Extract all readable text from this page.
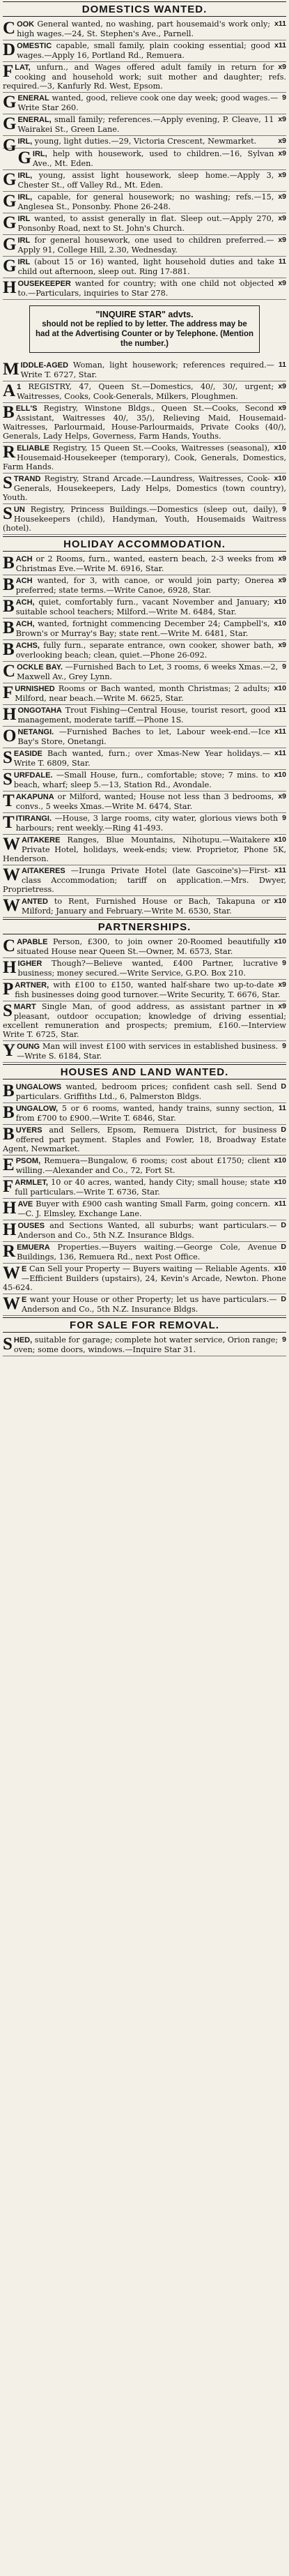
DOMESTICS WANTED.
C	x11
OOK General wanted, no washing, part housemaid's work only; high wages.—24, St. Stephen's Ave., Parnell.
D	x11
OMESTIC capable, small family, plain cooking essential; good wages.—Apply 16, Portland Rd., Remuera.
F	x9
LAT, unfurn., and Wages offered adult family in return for cooking and household work; suit mother and daughter; refs. required.—3, Kanfurly Rd. West, Epsom.
G	9
ENERAL wanted, good, relieve cook one day week; good wages.—Write Star 260.
G	x9
ENERAL, small family; references.—Apply evening, P. Cleave, 11 Wairakei St., Green Lane.
G	x9
IRL, young, light duties.—29, Victoria Crescent, Newmarket.
G	x9
IRL, help with housework, used to children.—16, Sylvan Ave., Mt. Eden.
G	x9
IRL, young, assist light housework, sleep home.—Apply 3, Chester St., off Valley Rd., Mt. Eden.
G	x9
IRL, capable, for general housework; no washing; refs.—15, Anglesea St., Ponsonby. Phone 26-248.
G	x9
IRL wanted, to assist generally in flat. Sleep out.—Apply 270, Ponsonby Road, next to St. John's Church.
G	x9
IRL for general housework, one used to children preferred.—Apply 91, College Hill, 2.30, Wednesday.
G	11
IRL (about 15 or 16) wanted, light household duties and take child out afternoon, sleep out. Ring 17-881.
H	x9
OUSEKEEPER wanted for country; with one child not objected to.—Particulars, inquiries to Star 278.
"INQUIRE STAR" advts.
should not be replied to by letter. The address may be had at the Advertising Counter or by Telephone. (Mention the number.)
M	11
IDDLE-AGED Woman, light housework; references required.—Write T. 6727, Star.
A	x9
1 REGISTRY, 47, Queen St.—Domestics, 40/, 30/, urgent; Waitresses, Cooks, Cook-Generals, Milkers, Ploughmen.
B	x9
ELL'S Registry, Winstone Bldgs., Queen St.—Cooks, Second Assistant, Waitresses 40/, 35/), Relieving Maid, Housemaid-Waitresses, Parlourmaid, House-Parlourmaids, Private Cooks (40/), Generals, Lady Helps, Governess, Farm Hands, Youths.
R	x10
ELIABLE Registry, 15 Queen St.—Cooks, Waitresses (seasonal), Housemaid-Housekeeper (temporary), Cook, Generals, Domestics, Farm Hands.
S	x10
TRAND Registry, Strand Arcade.—Laundress, Waitresses, Cook-Generals, Housekeepers, Lady Helps, Domestics (town country), Youth.
S	9
UN Registry, Princess Buildings.—Domestics (sleep out, daily), Housekeepers (child), Handyman, Youth, Housemaids Waitress (hotel).
HOLIDAY ACCOMMODATION.
B	x9
ACH or 2 Rooms, furn., wanted, eastern beach, 2-3 weeks from Christmas Eve.—Write M. 6916, Star.
B	x9
ACH wanted, for 3, with canoe, or would join party; Onerea preferred; state terms.—Write Canoe, 6928, Star.
B	x10
ACH, quiet, comfortably furn., vacant November and January; suitable school teachers; Milford.—Write M. 6484, Star.
B	x10
ACH, wanted, fortnight commencing December 24; Campbell's, Brown's or Murray's Bay; state rent.—Write M. 6481, Star.
B	x9
ACHS, fully furn., separate entrance, own cooker, shower bath, overlooking beach; clean, quiet.—Phone 26-092.
C	9
OCKLE BAY. —Furnished Bach to Let, 3 rooms, 6 weeks Xmas.—2, Maxwell Av., Grey Lynn.
F	x10
URNISHED Rooms or Bach wanted, month Christmas; 2 adults; Milford, near beach.—Write M. 6625, Star.
H	x11
ONGOTAHA Trout Fishing—Central House, tourist resort, good management, moderate tariff.—Phone 1S.
O	x11
NETANGI. —Furnished Baches to let, Labour week-end.—Ice Bay's Store, Onetangi.
S	x11
EASIDE Bach wanted, furn.; over Xmas-New Year holidays.—Write T. 6809, Star.
S	x10
URFDALE. —Small House, furn., comfortable; stove; 7 mins. to beach, wharf; sleep 5.—13, Station Rd., Avondale.
T	x9
AKAPUNA or Milford, wanted; House not less than 3 bedrooms, convs., 5 weeks Xmas.—Write M. 6474, Star.
T	9
ITIRANGI. —House, 3 large rooms, city water, glorious views both harbours; rent weekly.—Ring 41-493.
W	x10
AITAKERE Ranges, Blue Mountains, Nihotupu.—Waitakere Private Hotel, holidays, week-ends; view. Proprietor, Phone 5K, Henderson.
W	x11
AITAKERES —Irunga Private Hotel (late Gascoine's)—First-class Accommodation; tariff on application.—Mrs. Dwyer, Proprietress.
W	x10
ANTED to Rent, Furnished House or Bach, Takapuna or Milford; January and February.—Write M. 6530, Star.
PARTNERSHIPS.
C	x10
APABLE Person, £300, to join owner 20-Roomed beautifully situated House near Queen St.—Owner, M. 6573, Star.
H	9
IGHER Though?—Believe wanted, £400 Partner, lucrative business; money secured.—Write Service, G.P.O. Box 210.
P	x9
ARTNER, with £100 to £150, wanted half-share two up-to-date fish businesses doing good turnover.—Write Security, T. 6676, Star.
S	x9
MART Single Man, of good address, as assistant partner in pleasant, outdoor occupation; knowledge of driving essential; excellent remuneration and prospects; premium, £160.—Interview Write T. 6725, Star.
Y	9
OUNG Man will invest £100 with services in established business.—Write S. 6184, Star.
HOUSES AND LAND WANTED.
B	D
UNGALOWS wanted, bedroom prices; confident cash sell. Send particulars. Griffiths Ltd., 6, Palmerston Bldgs.
B	11
UNGALOW, 5 or 6 rooms, wanted, handy trains, sunny section, from £700 to £900.—Write T. 6846, Star.
B	D
UYERS and Sellers, Epsom, Remuera District, for business offered part payment. Staples and Fowler, 18, Broadway Estate Agent, Newmarket.
E	x10
PSOM, Remuera—Bungalow, 6 rooms; cost about £1750; client willing.—Alexander and Co., 72, Fort St.
F	x10
ARMLET, 10 or 40 acres, wanted, handy City; small house; state full particulars.—Write T. 6736, Star.
H	x11
AVE Buyer with £900 cash wanting Small Farm, going concern.—C. J. Elmsley, Exchange Lane.
H	D
OUSES and Sections Wanted, all suburbs; want particulars.—Anderson and Co., 5th N.Z. Insurance Bldgs.
R	D
EMUERA Properties.—Buyers waiting.—George Cole, Avenue Buildings, 136, Remuera Rd., next Post Office.
W	x10
E Can Sell your Property — Buyers waiting — Reliable Agents.—Efficient Builders (upstairs), 24, Kevin's Arcade, Newton. Phone 45-624.
W	D
E want your House or other Property; let us have particulars.—Anderson and Co., 5th N.Z. Insurance Bldgs.
FOR SALE FOR REMOVAL.
S	9
HED, suitable for garage; complete hot water service, Orion range; oven; some doors, windows.—Inquire Star 31.
